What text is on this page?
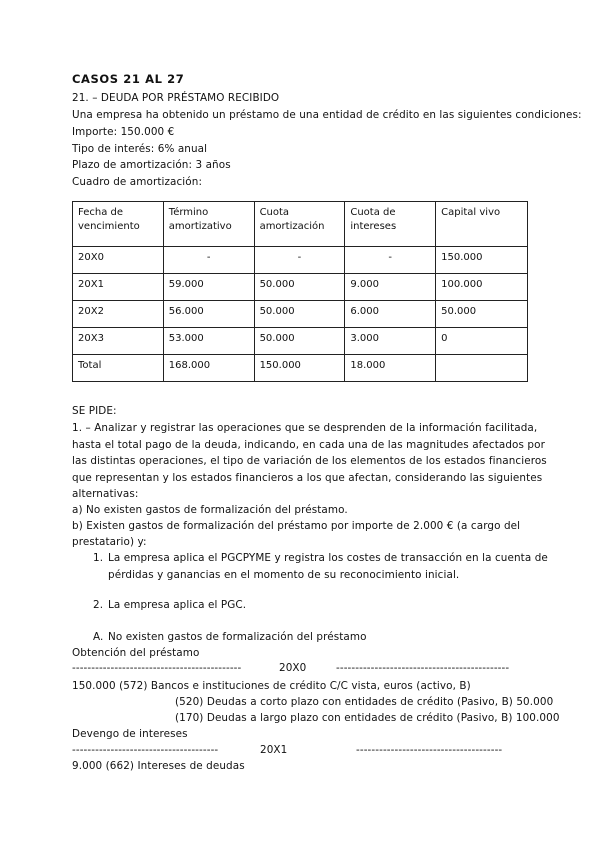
CASOS 21 AL 27
21. – DEUDA POR PRÉSTAMO RECIBIDO
Una empresa ha obtenido un préstamo de una entidad de crédito en las siguientes condiciones:
Importe: 150.000 €
Tipo de interés: 6% anual
Plazo de amortización: 3 años
Cuadro de amortización:
Fecha de vencimiento	Término amortizativo	Cuota amortización	Cuota de intereses	Capital vivo
20X0	-	-	-	150.000
20X1	59.000	50.000	9.000	100.000
20X2	56.000	50.000	6.000	50.000
20X3	53.000	50.000	3.000	0
Total	168.000	150.000	18.000	
SE PIDE:
1. – Analizar y registrar las operaciones que se desprenden de la información facilitada,
hasta el total pago de la deuda, indicando, en cada una de las magnitudes afectados por
las distintas operaciones, el tipo de variación de los elementos de los estados financieros
que representan y los estados financieros a los que afectan, considerando las siguientes
alternativas:
a) No existen gastos de formalización del préstamo.
b) Existen gastos de formalización del préstamo por importe de 2.000 € (a cargo del
prestatario) y:
1. La empresa aplica el PGCPYME y registra los costes de transacción en la cuenta de
pérdidas y ganancias en el momento de su reconocimiento inicial.
2. La empresa aplica el PGC.
A. No existen gastos de formalización del préstamo
Obtención del préstamo
--------------------------------------------	20X0	---------------------------------------------
150.000 (572) Bancos e instituciones de crédito C/C vista, euros (activo, B)
(520) Deudas a corto plazo con entidades de crédito (Pasivo, B) 50.000
(170) Deudas a largo plazo con entidades de crédito (Pasivo, B) 100.000
Devengo de intereses
--------------------------------------	20X1	--------------------------------------
9.000 (662) Intereses de deudas
